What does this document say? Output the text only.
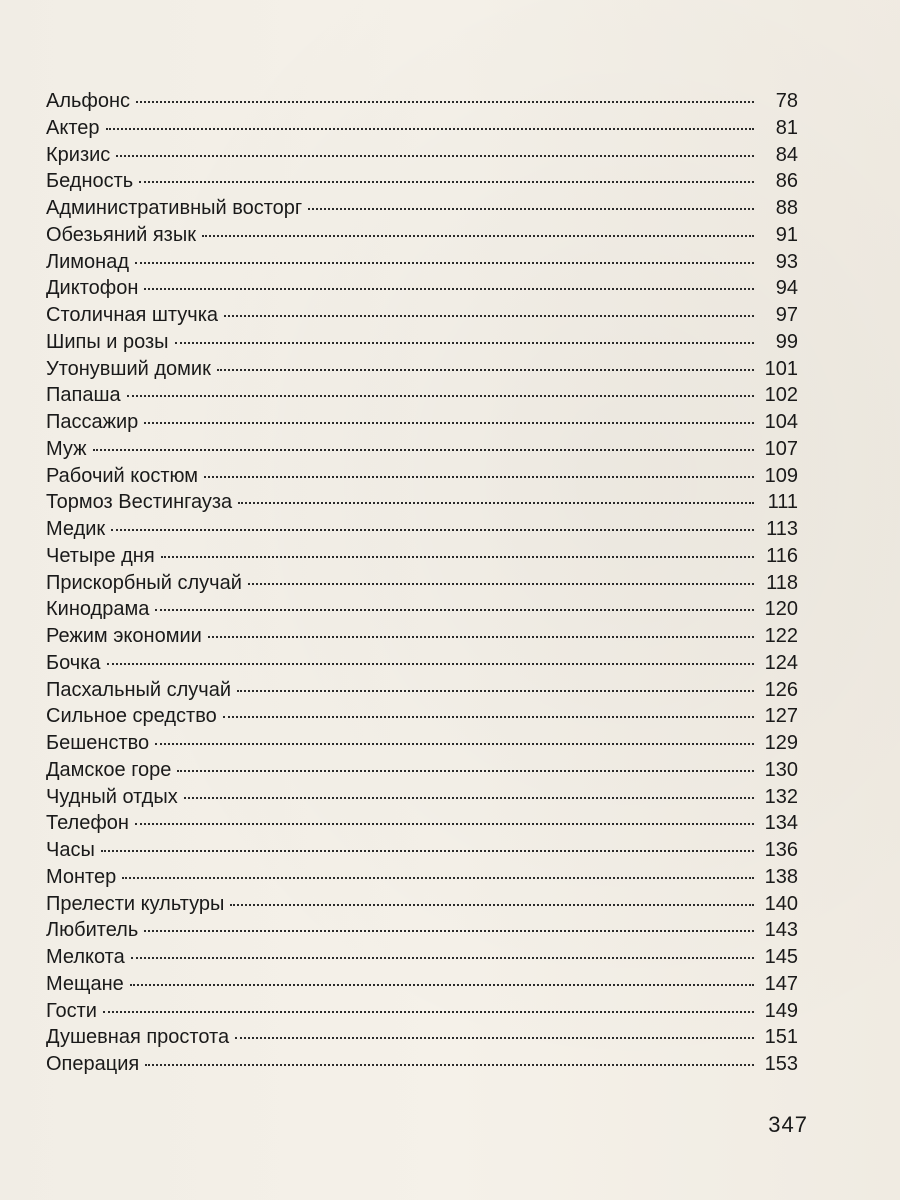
Альфонс	78
Актер	81
Кризис	84
Бедность	86
Административный восторг	88
Обезьяний язык	91
Лимонад	93
Диктофон	94
Столичная штучка	97
Шипы и розы	99
Утонувший домик	101
Папаша	102
Пассажир	104
Муж	107
Рабочий костюм	109
Тормоз Вестингауза	111
Медик	113
Четыре дня	116
Прискорбный случай	118
Кинодрама	120
Режим экономии	122
Бочка	124
Пасхальный случай	126
Сильное средство	127
Бешенство	129
Дамское горе	130
Чудный отдых	132
Телефон	134
Часы	136
Монтер	138
Прелести культуры	140
Любитель	143
Мелкота	145
Мещане	147
Гости	149
Душевная простота	151
Операция	153
347
